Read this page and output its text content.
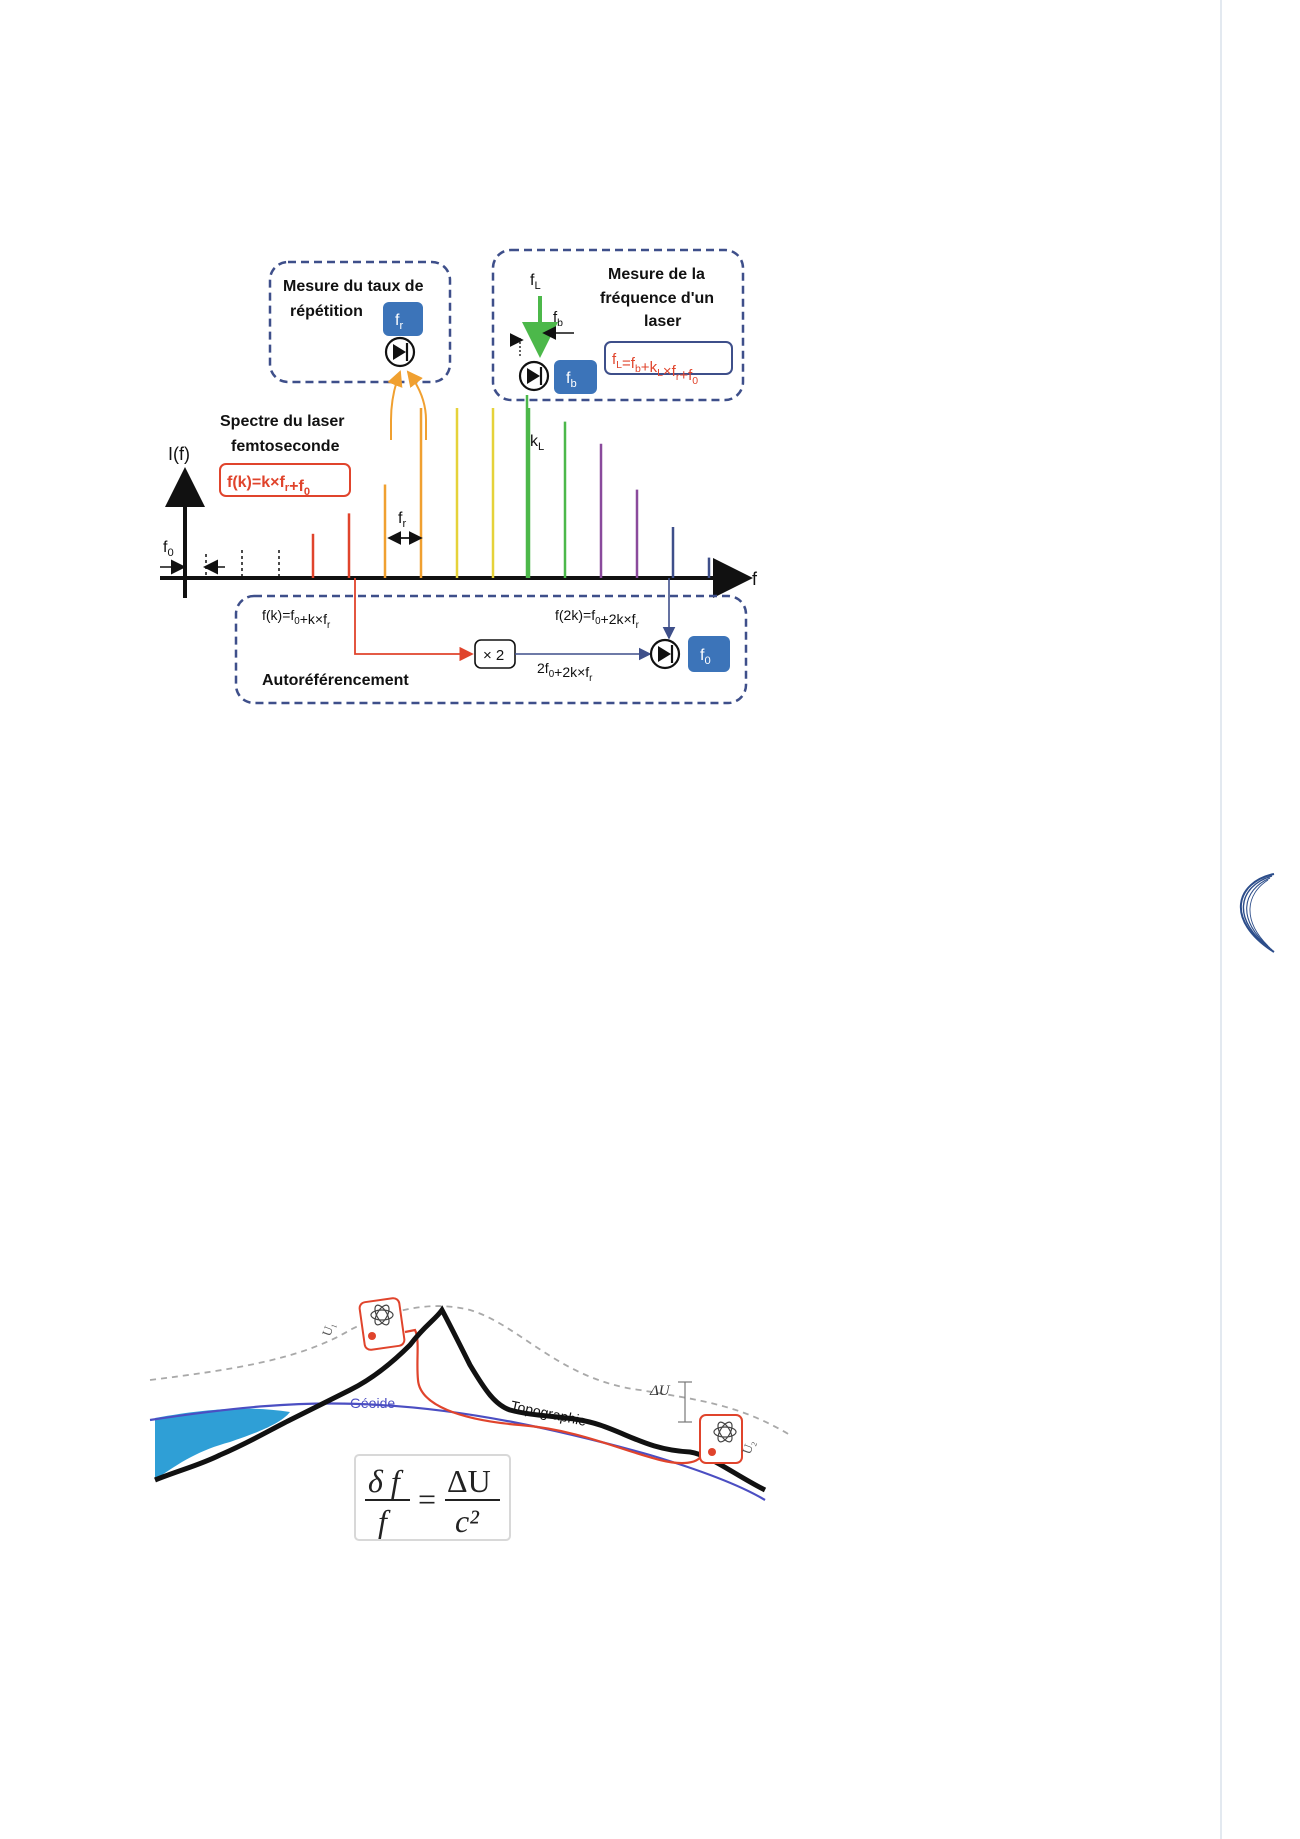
Mesure du taux de
répétition
$f_r$
Mesure de la
fréquence d'un
laser
$f_L=f_b+k_L\times f_r+f_0$
$f_L$
$f_b$
$f_b$
Spectre du laser
femtoseconde
$f(k)=k\times f_r+f_0$
I(f)
f
$f_0$
$f_r$
$k_L$
$f(k)=f_0+k\times f_r$
$f(2k)=f_0+2k\times f_r$
Autoréférencement
× 2
$2f_0+2k\times f_r$
$f_0$
Géoide	Topographie
U₁
U₂
ΔU
δ f
f
= ΔU
c²
